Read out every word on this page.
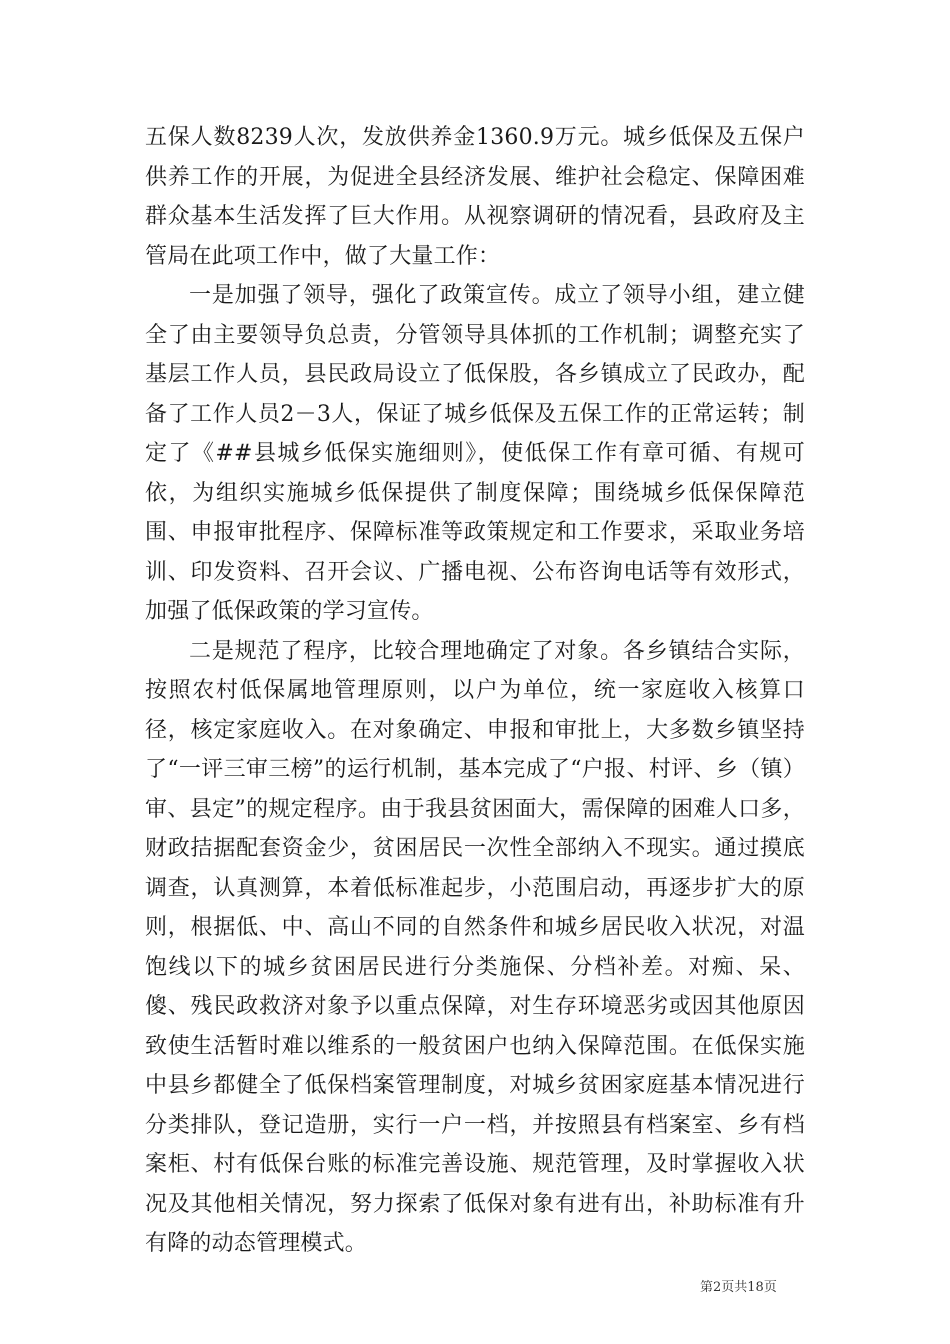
五保人数8239人次，发放供养金1360.9万元。城乡低保及五保户供养工作的开展，为促进全县经济发展、维护社会稳定、保障困难群众基本生活发挥了巨大作用。从视察调研的情况看，县政府及主管局在此项工作中，做了大量工作：

一是加强了领导，强化了政策宣传。成立了领导小组，建立健全了由主要领导负总责，分管领导具体抓的工作机制；调整充实了基层工作人员，县民政局设立了低保股，各乡镇成立了民政办，配备了工作人员2－3人，保证了城乡低保及五保工作的正常运转；制定了《##县城乡低保实施细则》，使低保工作有章可循、有规可依，为组织实施城乡低保提供了制度保障；围绕城乡低保保障范围、申报审批程序、保障标准等政策规定和工作要求，采取业务培训、印发资料、召开会议、广播电视、公布咨询电话等有效形式，加强了低保政策的学习宣传。

二是规范了程序，比较合理地确定了对象。各乡镇结合实际，按照农村低保属地管理原则，以户为单位，统一家庭收入核算口径，核定家庭收入。在对象确定、申报和审批上，大多数乡镇坚持了“一评三审三榜”的运行机制，基本完成了“户报、村评、乡（镇）审、县定”的规定程序。由于我县贫困面大，需保障的困难人口多，财政拮据配套资金少，贫困居民一次性全部纳入不现实。通过摸底调查，认真测算，本着低标准起步，小范围启动，再逐步扩大的原则，根据低、中、高山不同的自然条件和城乡居民收入状况，对温饱线以下的城乡贫困居民进行分类施保、分档补差。对痴、呆、傻、残民政救济对象予以重点保障，对生存环境恶劣或因其他原因致使生活暂时难以维系的一般贫困户也纳入保障范围。在低保实施中县乡都健全了低保档案管理制度，对城乡贫困家庭基本情况进行分类排队，登记造册，实行一户一档，并按照县有档案室、乡有档案柜、村有低保台账的标准完善设施、规范管理，及时掌握收入状况及其他相关情况，努力探索了低保对象有进有出，补助标准有升有降的动态管理模式。

第2页共18页
